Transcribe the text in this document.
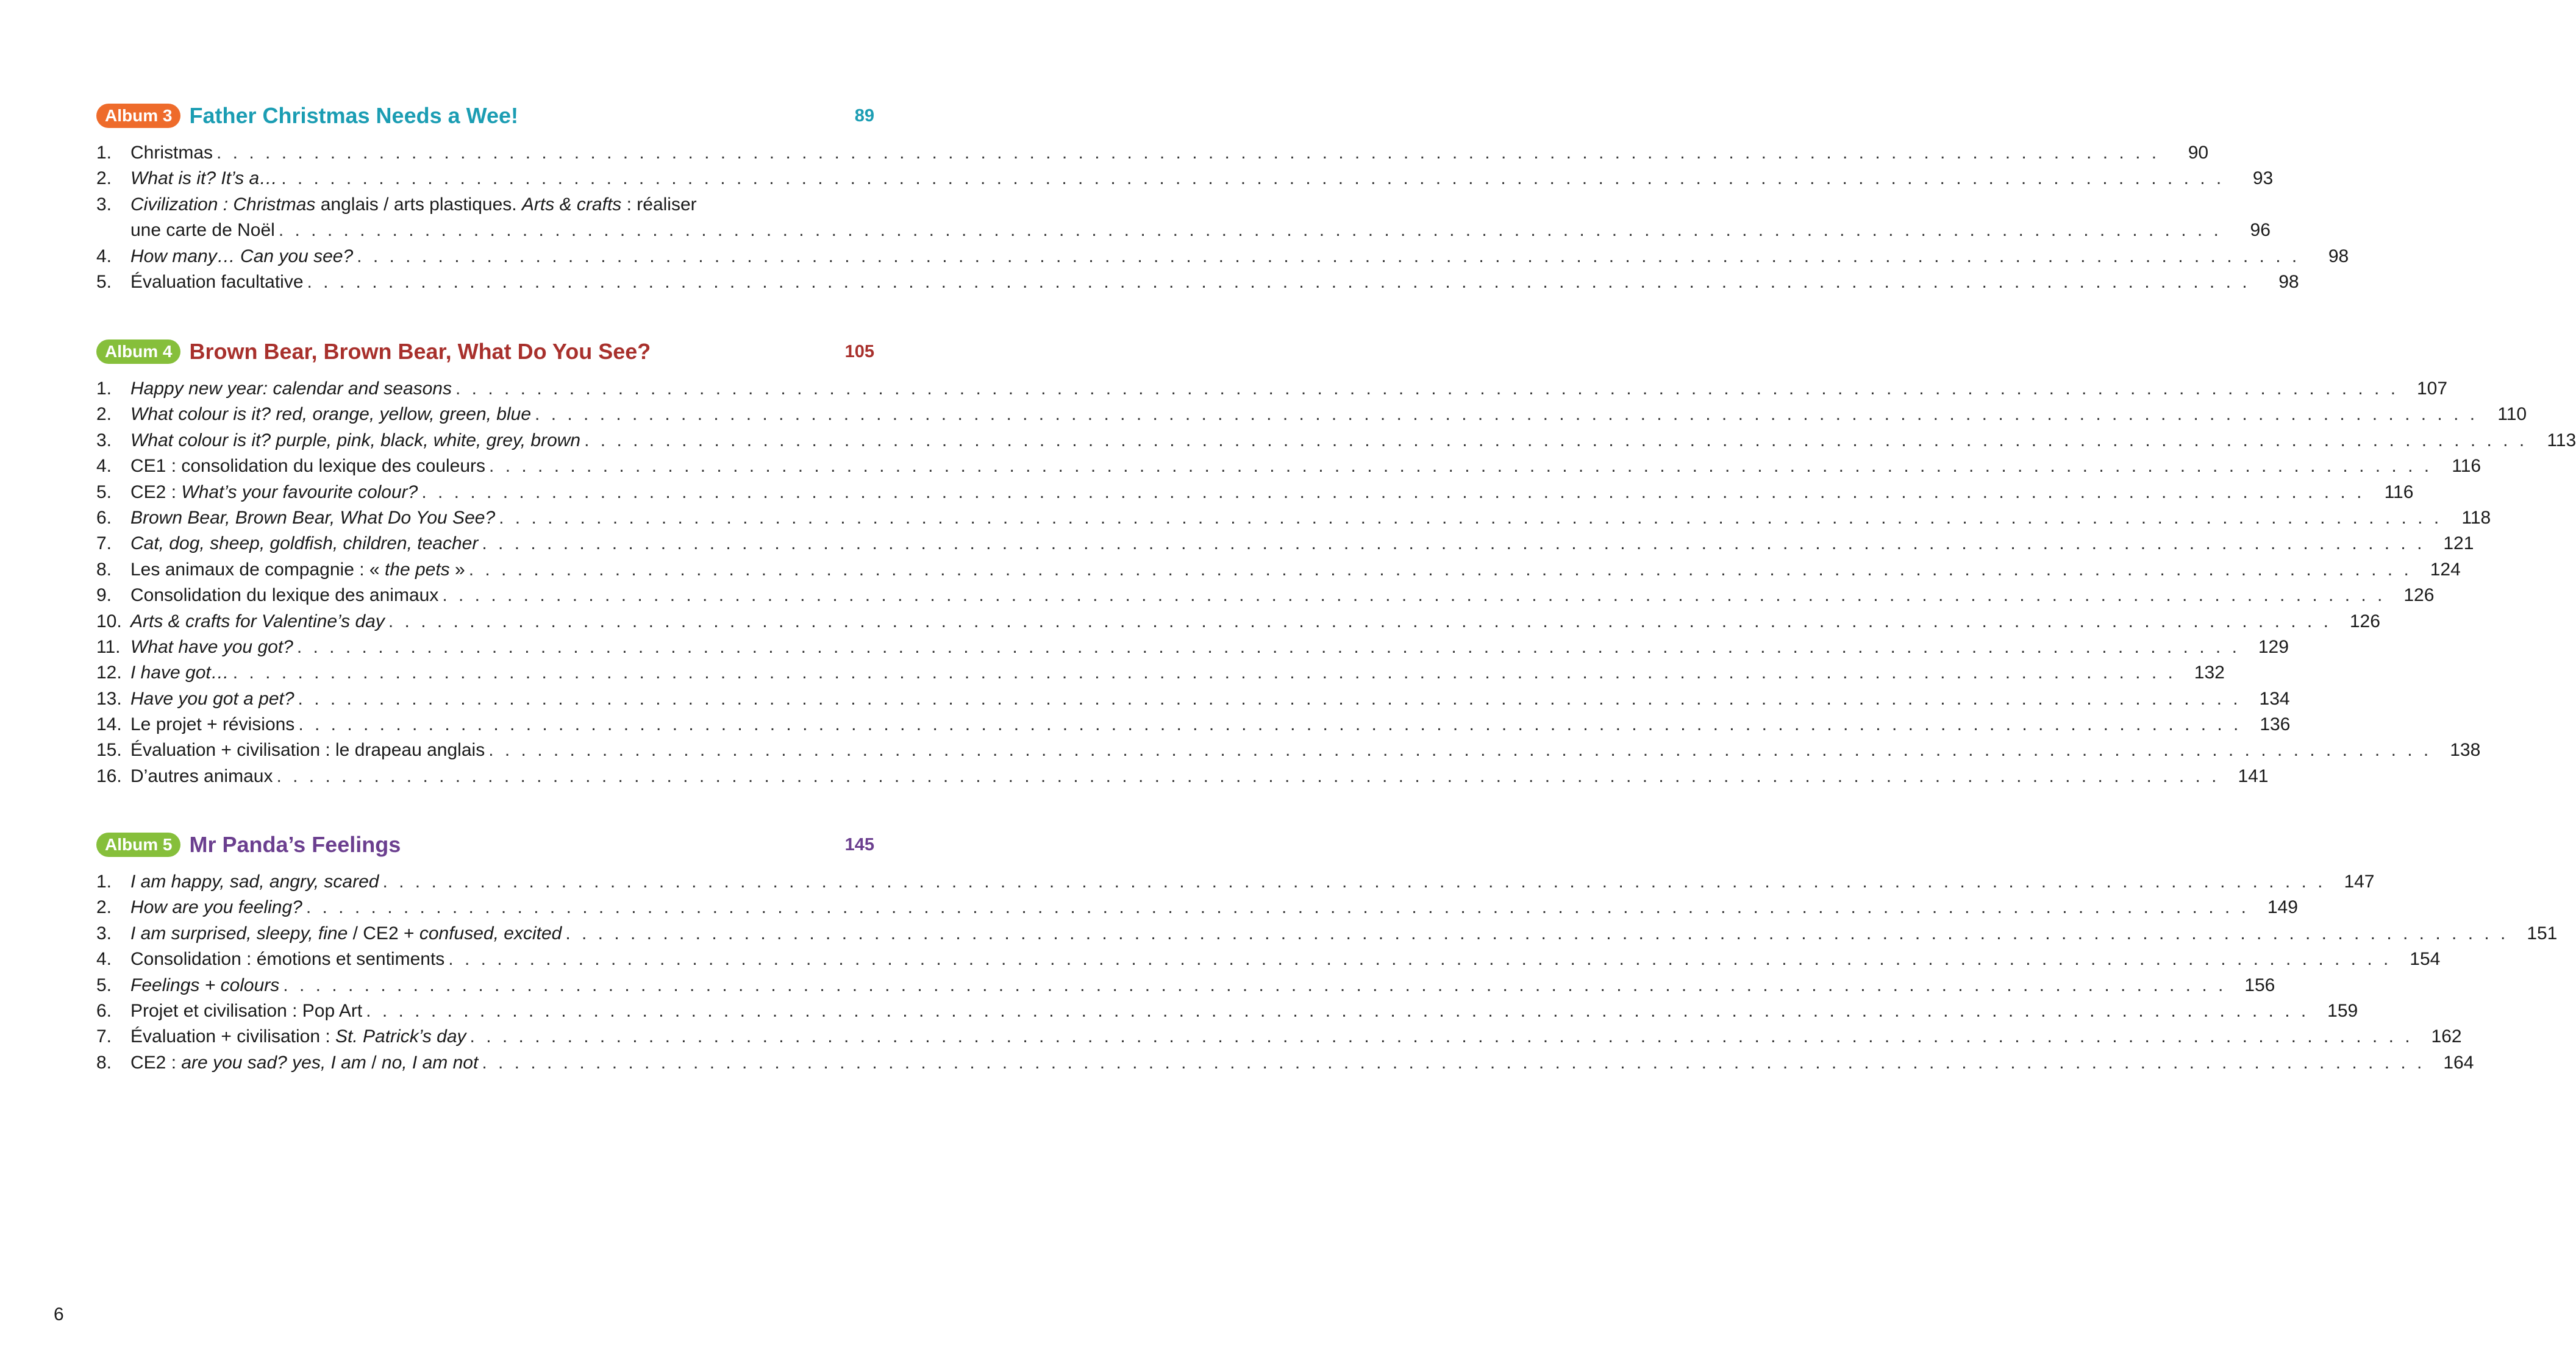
Album 3 Father Christmas Needs a Wee!	89
1.	Christmas . . . . . . . . . . . . . . . . . . . . . . . . . . . . . . . . . . . . . . . . . . . . . . . . . . . . . . . . . . . . . . . . . . . . . . . . . . . . . . . . . . . . . . . . . . . . . . . . . . . . . . . . . . . . . . . . . . . . . . . .	90
2.	What is it? It’s a… . . . . . . . . . . . . . . . . . . . . . . . . . . . . . . . . . . . . . . . . . . . . . . . . . . . . . . . . . . . . . . . . . . . . . . . . . . . . . . . . . . . . . . . . . . . . . . . . . . . . . . . . . . . . . . . . . . . . . . . .	93
3.	Civilization : Christmas anglais / arts plastiques. Arts & crafts : réaliser
une carte de Noël . . . . . . . . . . . . . . . . . . . . . . . . . . . . . . . . . . . . . . . . . . . . . . . . . . . . . . . . . . . . . . . . . . . . . . . . . . . . . . . . . . . . . . . . . . . . . . . . . . . . . . . . . . . . . . . . . . . . . . . .	96
4.	How many… Can you see? . . . . . . . . . . . . . . . . . . . . . . . . . . . . . . . . . . . . . . . . . . . . . . . . . . . . . . . . . . . . . . . . . . . . . . . . . . . . . . . . . . . . . . . . . . . . . . . . . . . . . . . . . . . . . . . . . . . . . . . .	98
5.	Évaluation facultative . . . . . . . . . . . . . . . . . . . . . . . . . . . . . . . . . . . . . . . . . . . . . . . . . . . . . . . . . . . . . . . . . . . . . . . . . . . . . . . . . . . . . . . . . . . . . . . . . . . . . . . . . . . . . . . . . . . . . . . .	98
Album 4 Brown Bear, Brown Bear, What Do You See?	105
1.	Happy new year: calendar and seasons . . . . . . . . . . . . . . . . . . . . . . . . . . . . . . . . . . . . . . . . . . . . . . . . . . . . . . . . . . . . . . . . . . . . . . . . . . . . . . . . . . . . . . . . . . . . . . . . . . . . . . . . . . . . . . . . . . . . . . . . 107
2.	What colour is it? red, orange, yellow, green, blue . . . . . . . . . . . . . . . . . . . . . . . . . . . . . . . . . . . . . . . . . . . . . . . . . . . . . . . . . . . . . . . . . . . . . . . . . . . . . . . . . . . . . . . . . . . . . . . . . . . . . . . . . . . . . . . . . . . . . . . .	110
3.	What colour is it? purple, pink, black, white, grey, brown . . . . . . . . . . . . . . . . . . . . . . . . . . . . . . . . . . . . . . . . . . . . . . . . . . . . . . . . . . . . . . . . . . . . . . . . . . . . . . . . . . . . . . . . . . . . . . . . . . . . . . . . . . . . . . . . . . . . . . . .	113
4.	CE1 : consolidation du lexique des couleurs . . . . . . . . . . . . . . . . . . . . . . . . . . . . . . . . . . . . . . . . . . . . . . . . . . . . . . . . . . . . . . . . . . . . . . . . . . . . . . . . . . . . . . . . . . . . . . . . . . . . . . . . . . . . . . . . . . . . . . . .	116
5.	CE2 : What’s your favourite colour? . . . . . . . . . . . . . . . . . . . . . . . . . . . . . . . . . . . . . . . . . . . . . . . . . . . . . . . . . . . . . . . . . . . . . . . . . . . . . . . . . . . . . . . . . . . . . . . . . . . . . . . . . . . . . . . . . . . . . . . .	116
6.	Brown Bear, Brown Bear, What Do You See? . . . . . . . . . . . . . . . . . . . . . . . . . . . . . . . . . . . . . . . . . . . . . . . . . . . . . . . . . . . . . . . . . . . . . . . . . . . . . . . . . . . . . . . . . . . . . . . . . . . . . . . . . . . . . . . . . . . . . . . .	118
7.	Cat, dog, sheep, goldfish, children, teacher . . . . . . . . . . . . . . . . . . . . . . . . . . . . . . . . . . . . . . . . . . . . . . . . . . . . . . . . . . . . . . . . . . . . . . . . . . . . . . . . . . . . . . . . . . . . . . . . . . . . . . . . . . . . . . . . . . . . . . . . 121
8.	Les animaux de compagnie : « the pets » . . . . . . . . . . . . . . . . . . . . . . . . . . . . . . . . . . . . . . . . . . . . . . . . . . . . . . . . . . . . . . . . . . . . . . . . . . . . . . . . . . . . . . . . . . . . . . . . . . . . . . . . . . . . . . . . . . . . . . . . 124
9.	Consolidation du lexique des animaux . . . . . . . . . . . . . . . . . . . . . . . . . . . . . . . . . . . . . . . . . . . . . . . . . . . . . . . . . . . . . . . . . . . . . . . . . . . . . . . . . . . . . . . . . . . . . . . . . . . . . . . . . . . . . . . . . . . . . . . . 126
10. Arts & crafts for Valentine’s day . . . . . . . . . . . . . . . . . . . . . . . . . . . . . . . . . . . . . . . . . . . . . . . . . . . . . . . . . . . . . . . . . . . . . . . . . . . . . . . . . . . . . . . . . . . . . . . . . . . . . . . . . . . . . . . . . . . . . . . . 126
11. What have you got? . . . . . . . . . . . . . . . . . . . . . . . . . . . . . . . . . . . . . . . . . . . . . . . . . . . . . . . . . . . . . . . . . . . . . . . . . . . . . . . . . . . . . . . . . . . . . . . . . . . . . . . . . . . . . . . . . . . . . . . . 129
12. I have got… . . . . . . . . . . . . . . . . . . . . . . . . . . . . . . . . . . . . . . . . . . . . . . . . . . . . . . . . . . . . . . . . . . . . . . . . . . . . . . . . . . . . . . . . . . . . . . . . . . . . . . . . . . . . . . . . . . . . . . . . 132
13. Have you got a pet? . . . . . . . . . . . . . . . . . . . . . . . . . . . . . . . . . . . . . . . . . . . . . . . . . . . . . . . . . . . . . . . . . . . . . . . . . . . . . . . . . . . . . . . . . . . . . . . . . . . . . . . . . . . . . . . . . . . . . . . . 134
14. Le projet + révisions . . . . . . . . . . . . . . . . . . . . . . . . . . . . . . . . . . . . . . . . . . . . . . . . . . . . . . . . . . . . . . . . . . . . . . . . . . . . . . . . . . . . . . . . . . . . . . . . . . . . . . . . . . . . . . . . . . . . . . . . 136
15. Évaluation + civilisation : le drapeau anglais . . . . . . . . . . . . . . . . . . . . . . . . . . . . . . . . . . . . . . . . . . . . . . . . . . . . . . . . . . . . . . . . . . . . . . . . . . . . . . . . . . . . . . . . . . . . . . . . . . . . . . . . . . . . . . . . . . . . . . . . 138
16. D’autres animaux . . . . . . . . . . . . . . . . . . . . . . . . . . . . . . . . . . . . . . . . . . . . . . . . . . . . . . . . . . . . . . . . . . . . . . . . . . . . . . . . . . . . . . . . . . . . . . . . . . . . . . . . . . . . . . . . . . . . . . . . 141
Album 5 Mr Panda’s Feelings	145
1.	I am happy, sad, angry, scared . . . . . . . . . . . . . . . . . . . . . . . . . . . . . . . . . . . . . . . . . . . . . . . . . . . . . . . . . . . . . . . . . . . . . . . . . . . . . . . . . . . . . . . . . . . . . . . . . . . . . . . . . . . . . . . . . . . . . . . . 147
2.	How are you feeling? . . . . . . . . . . . . . . . . . . . . . . . . . . . . . . . . . . . . . . . . . . . . . . . . . . . . . . . . . . . . . . . . . . . . . . . . . . . . . . . . . . . . . . . . . . . . . . . . . . . . . . . . . . . . . . . . . . . . . . . . 149
3.	I am surprised, sleepy, fine / CE2 + confused, excited . . . . . . . . . . . . . . . . . . . . . . . . . . . . . . . . . . . . . . . . . . . . . . . . . . . . . . . . . . . . . . . . . . . . . . . . . . . . . . . . . . . . . . . . . . . . . . . . . . . . . . . . . . . . . . . . . . . . . . . . 151
4.	Consolidation : émotions et sentiments . . . . . . . . . . . . . . . . . . . . . . . . . . . . . . . . . . . . . . . . . . . . . . . . . . . . . . . . . . . . . . . . . . . . . . . . . . . . . . . . . . . . . . . . . . . . . . . . . . . . . . . . . . . . . . . . . . . . . . . . 154
5.	Feelings + colours . . . . . . . . . . . . . . . . . . . . . . . . . . . . . . . . . . . . . . . . . . . . . . . . . . . . . . . . . . . . . . . . . . . . . . . . . . . . . . . . . . . . . . . . . . . . . . . . . . . . . . . . . . . . . . . . . . . . . . . . 156
6.	Projet et civilisation : Pop Art . . . . . . . . . . . . . . . . . . . . . . . . . . . . . . . . . . . . . . . . . . . . . . . . . . . . . . . . . . . . . . . . . . . . . . . . . . . . . . . . . . . . . . . . . . . . . . . . . . . . . . . . . . . . . . . . . . . . . . . . 159
7.	Évaluation + civilisation : St. Patrick’s day . . . . . . . . . . . . . . . . . . . . . . . . . . . . . . . . . . . . . . . . . . . . . . . . . . . . . . . . . . . . . . . . . . . . . . . . . . . . . . . . . . . . . . . . . . . . . . . . . . . . . . . . . . . . . . . . . . . . . . . . 162
8.	CE2 : are you sad? yes, I am / no, I am not . . . . . . . . . . . . . . . . . . . . . . . . . . . . . . . . . . . . . . . . . . . . . . . . . . . . . . . . . . . . . . . . . . . . . . . . . . . . . . . . . . . . . . . . . . . . . . . . . . . . . . . . . . . . . . . . . . . . . . . . 164
6
